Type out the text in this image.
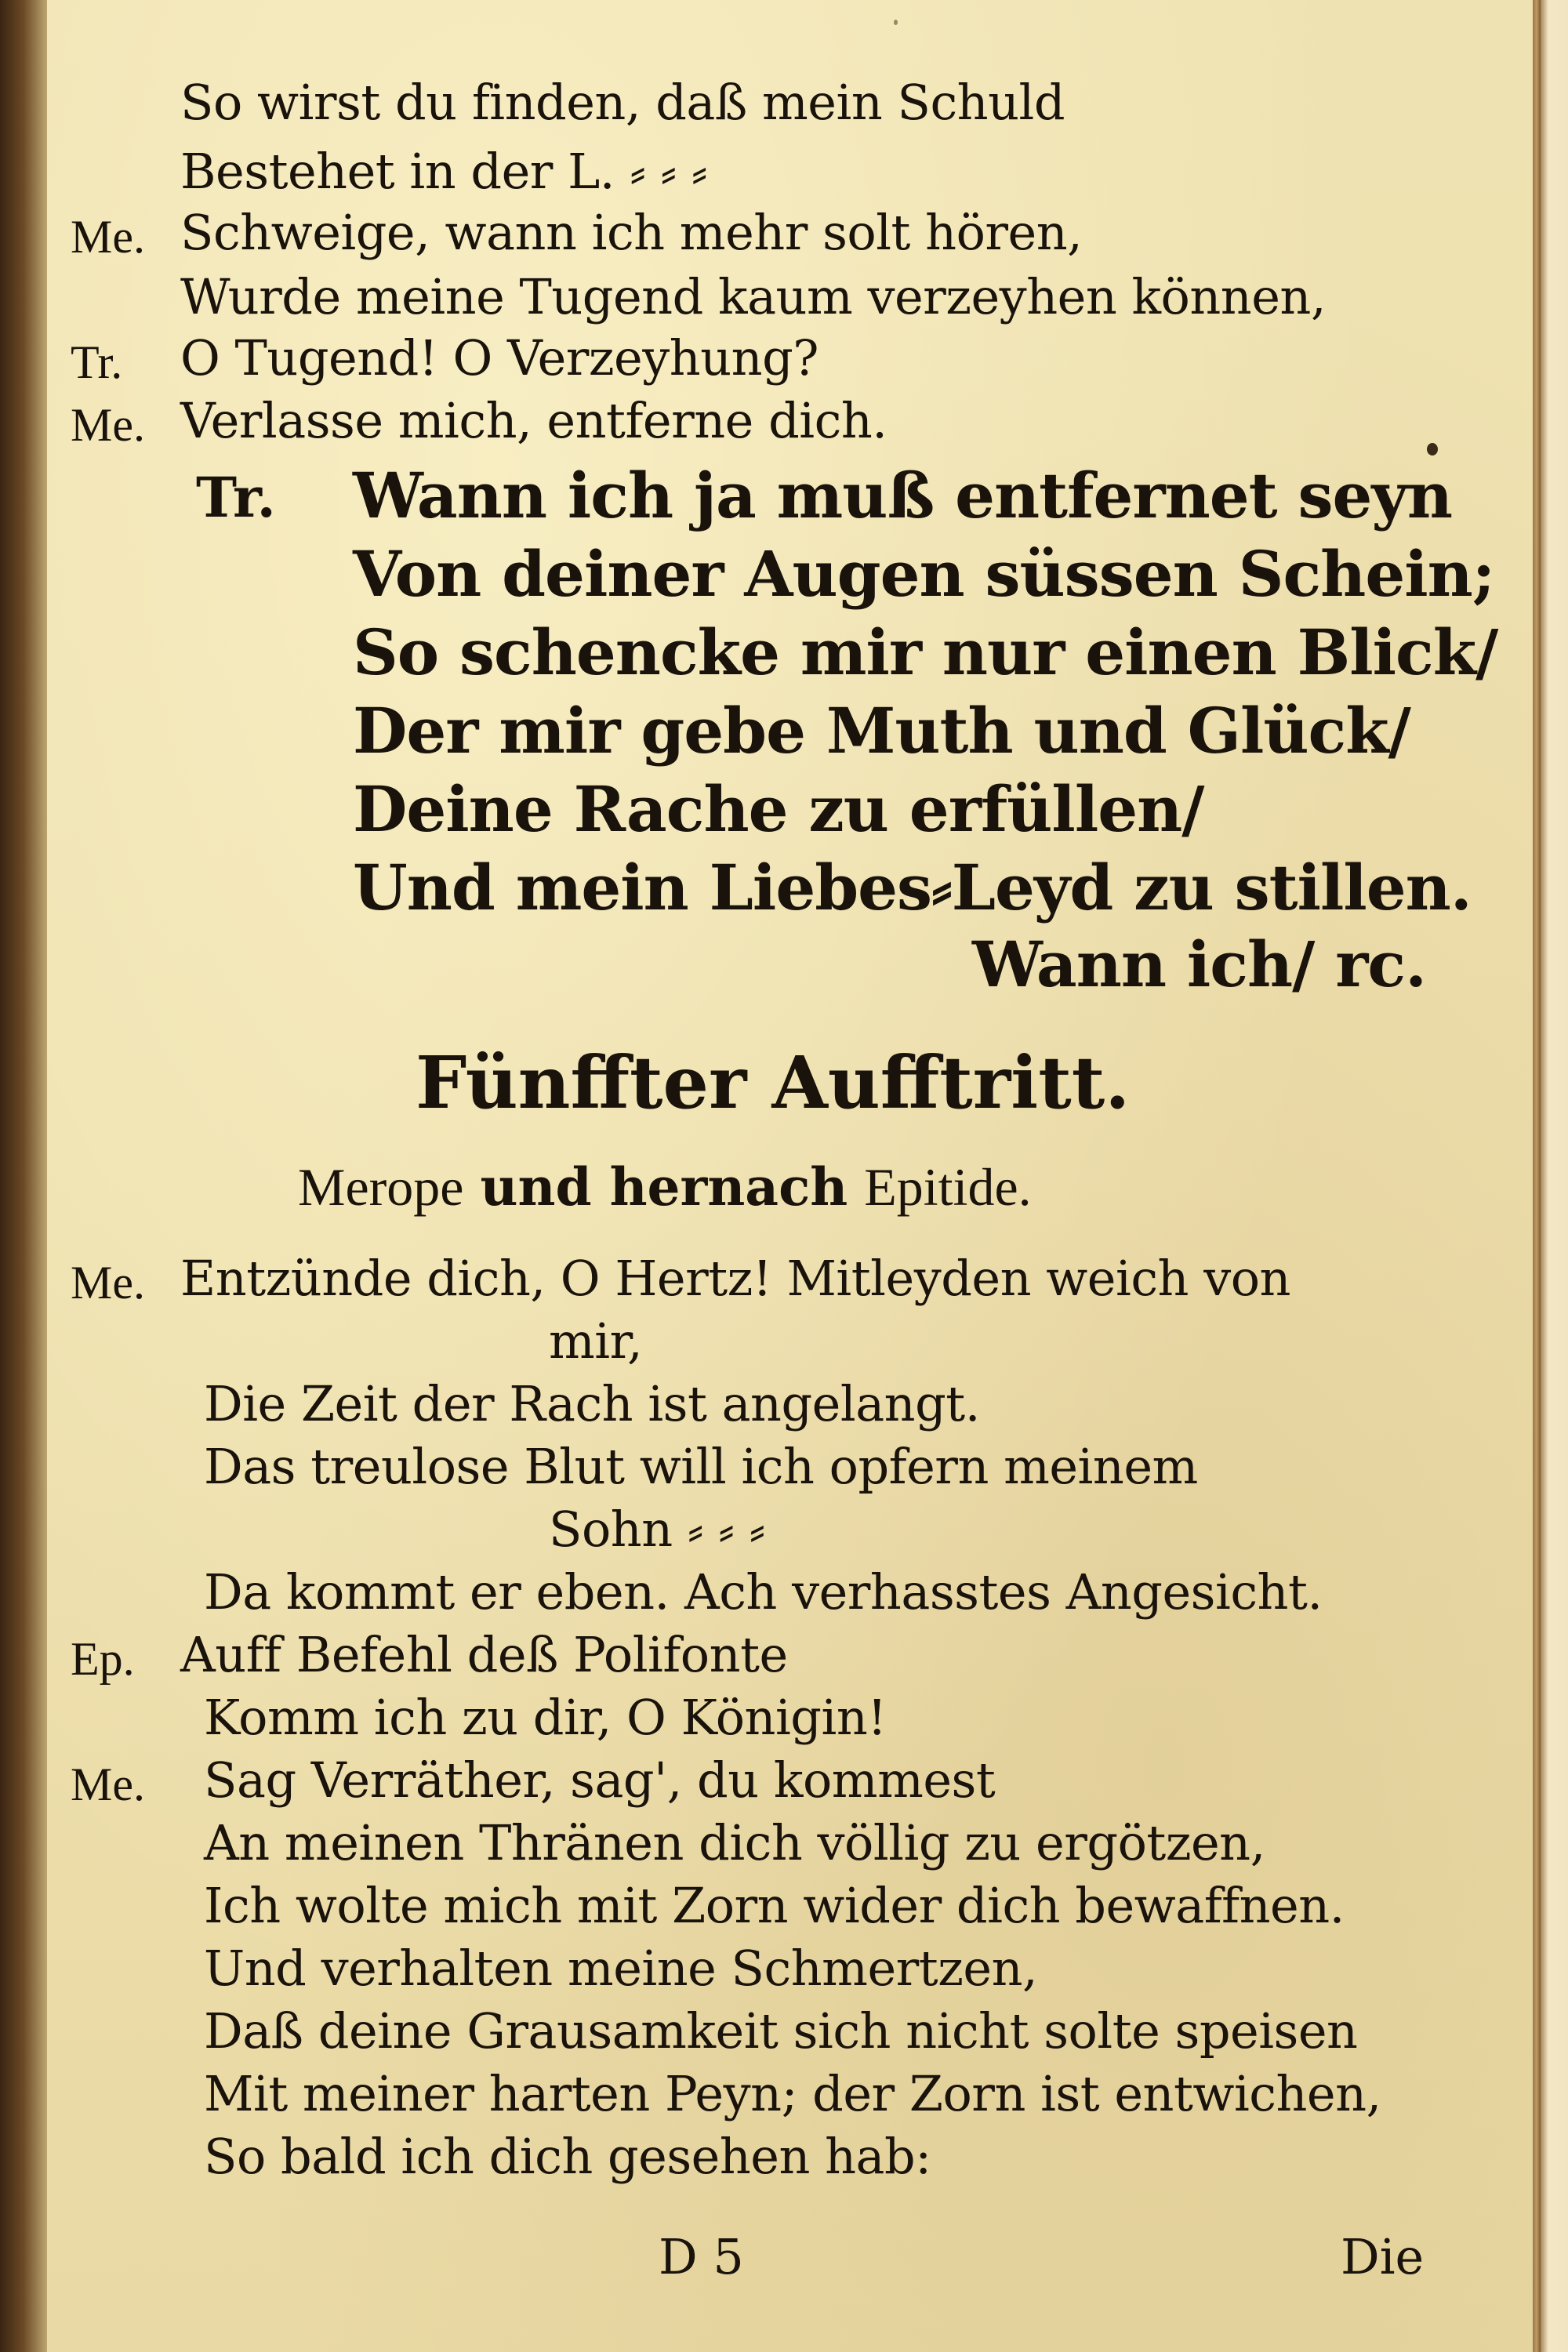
So wirst du finden, daß mein Schuld
Bestehet in der L. ⸗ ⸗ ⸗
Me. Schweige, wann ich mehr solt hören,
Wurde meine Tugend kaum verzeyhen können,
Tr. O Tugend! O Verzeyhung?
Me. Verlasse mich, entferne dich.
Tr. Wann ich ja muß entfernet seyn
Von deiner Augen süssen Schein;
So schencke mir nur einen Blick/
Der mir gebe Muth und Glück/
Deine Rache zu erfüllen/
Und mein Liebes⸗Leyd zu stillen.
Wann ich/ rc.
Fünffter Aufftritt.
Merope und hernach Epitide.
Me. Entzünde dich, O Hertz! Mitleyden weich von
mir,
Die Zeit der Rach ist angelangt.
Das treulose Blut will ich opfern meinem
Sohn ⸗ ⸗ ⸗
Da kommt er eben. Ach verhasstes Angesicht.
Ep. Auff Befehl deß Polifonte
Komm ich zu dir, O Königin!
Me. Sag Verräther, sag', du kommest
An meinen Thränen dich völlig zu ergötzen,
Ich wolte mich mit Zorn wider dich bewaffnen.
Und verhalten meine Schmertzen,
Daß deine Grausamkeit sich nicht solte speisen
Mit meiner harten Peyn; der Zorn ist entwichen,
So bald ich dich gesehen hab:
D 5	Die
